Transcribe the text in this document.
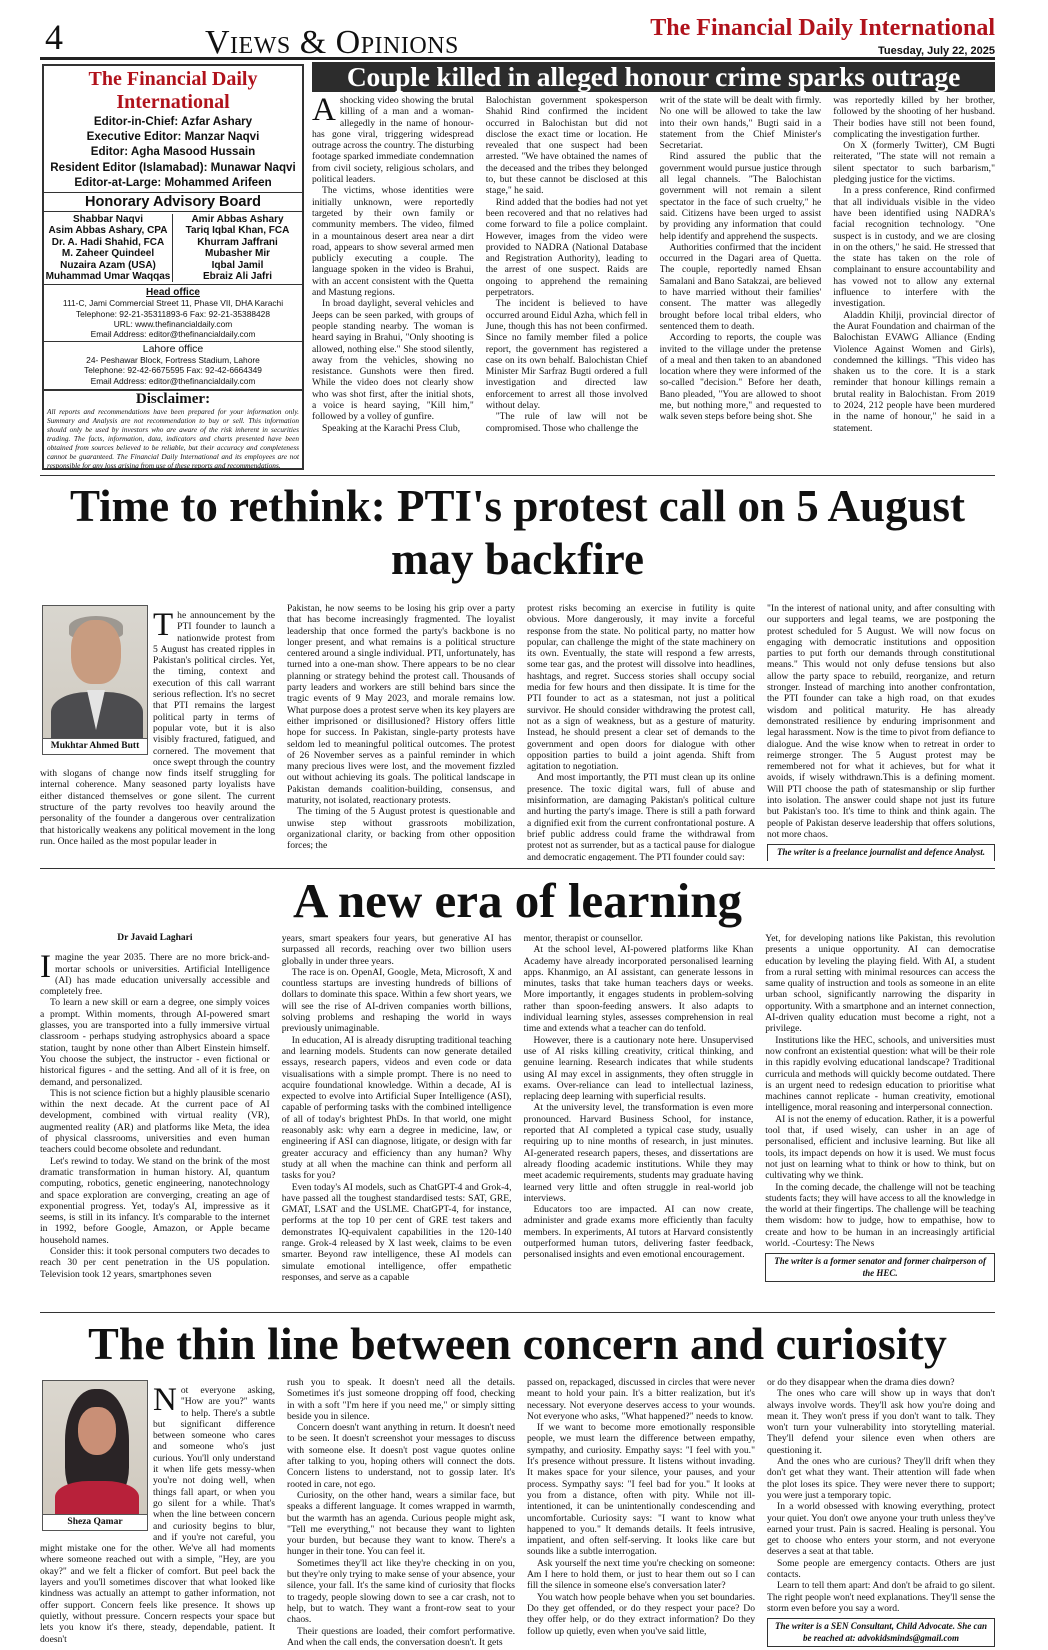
4	Views & Opinions	The Financial Daily International
Tuesday, July 22, 2025
The Financial Daily International
Editor-in-Chief: Azfar Ashary
Executive Editor: Manzar Naqvi
Editor: Agha Masood Hussain
Resident Editor (Islamabad): Munawar Naqvi
Editor-at-Large: Mohammed Arifeen
Honorary Advisory Board
Shabbar Naqvi
Asim Abbas Ashary, CPA
Dr. A. Hadi Shahid, FCA
M. Zaheer Quindeel
Nuzaira Azam (USA)
Muhammad Umar Waqqas
Amir Abbas Ashary
Tariq Iqbal Khan, FCA
Khurram Jaffrani
Mubasher Mir
Iqbal Jamil
Ebraiz Ali Jafri
Head office
111-C, Jami Commercial Street 11, Phase VII, DHA Karachi
Telephone: 92-21-35311893-6 Fax: 92-21-35388428
URL: www.thefinancialdaily.com
Email Address: editor@thefinancialdaily.com
Lahore office
24- Peshawar Block, Fortress Stadium, Lahore
Telephone: 92-42-6675595 Fax: 92-42-6664349
Email Address: editor@thefinancialdaily.com
Disclaimer:
All reports and recommendations have been prepared for your information only. Summary and Analysis are not recommendation to buy or sell. This information should only be used by investors who are aware of the risk inherent in securities trading. The facts, information, data, indicators and charts presented have been obtained from sources believed to be reliable, but their accuracy and completeness cannot be guaranteed. The Financial Daily International and its employees are not responsible for any loss arising from use of these reports and recommendations.
Couple killed in alleged honour crime sparks outrage

Ashocking video showing the brutal killing of a man and a woman-allegedly in the name of honour-has gone viral, triggering widespread outrage across the country. The disturbing footage sparked immediate condemnation from civil society, religious scholars, and political leaders.

The victims, whose identities were initially unknown, were reportedly targeted by their own family or community members. The video, filmed in a mountainous desert area near a dirt road, appears to show several armed men publicly executing a couple. The language spoken in the video is Brahui, with an accent consistent with the Quetta and Mastung regions.

In broad daylight, several vehicles and Jeeps can be seen parked, with groups of people standing nearby. The woman is heard saying in Brahui, "Only shooting is allowed, nothing else." She stood silently, away from the vehicles, showing no resistance. Gunshots were then fired. While the video does not clearly show who was shot first, after the initial shots, a voice is heard saying, "Kill him," followed by a volley of gunfire.

Speaking at the Karachi Press Club,

Balochistan government spokesperson Shahid Rind confirmed the incident occurred in Balochistan but did not disclose the exact time or location. He revealed that one suspect had been arrested. "We have obtained the names of the deceased and the tribes they belonged to, but these cannot be disclosed at this stage," he said.

Rind added that the bodies had not yet been recovered and that no relatives had come forward to file a police complaint. However, images from the video were provided to NADRA (National Database and Registration Authority), leading to the arrest of one suspect. Raids are ongoing to apprehend the remaining perpetrators.

The incident is believed to have occurred around Eidul Azha, which fell in June, though this has not been confirmed. Since no family member filed a police report, the government has registered a case on its own behalf. Balochistan Chief Minister Mir Sarfraz Bugti ordered a full investigation and directed law enforcement to arrest all those involved without delay.

"The rule of law will not be compromised. Those who challenge the

writ of the state will be dealt with firmly. No one will be allowed to take the law into their own hands," Bugti said in a statement from the Chief Minister's Secretariat.

Rind assured the public that the government would pursue justice through all legal channels. "The Balochistan government will not remain a silent spectator in the face of such cruelty," he said. Citizens have been urged to assist by providing any information that could help identify and apprehend the suspects.

Authorities confirmed that the incident occurred in the Dagari area of Quetta. The couple, reportedly named Ehsan Samalani and Bano Satakzai, are believed to have married without their families' consent. The matter was allegedly brought before local tribal elders, who sentenced them to death.

According to reports, the couple was invited to the village under the pretense of a meal and then taken to an abandoned location where they were informed of the so-called "decision." Before her death, Bano pleaded, "You are allowed to shoot me, but nothing more," and requested to walk seven steps before being shot. She

was reportedly killed by her brother, followed by the shooting of her husband. Their bodies have still not been found, complicating the investigation further.

On X (formerly Twitter), CM Bugti reiterated, "The state will not remain a silent spectator to such barbarism," pledging justice for the victims.

In a press conference, Rind confirmed that all individuals visible in the video have been identified using NADRA's facial recognition technology. "One suspect is in custody, and we are closing in on the others," he said. He stressed that the state has taken on the role of complainant to ensure accountability and has vowed not to allow any external influence to interfere with the investigation.

Aladdin Khilji, provincial director of the Aurat Foundation and chairman of the Balochistan EVAWG Alliance (Ending Violence Against Women and Girls), condemned the killings. "This video has shaken us to the core. It is a stark reminder that honour killings remain a brutal reality in Balochistan. From 2019 to 2024, 212 people have been murdered in the name of honour," he said in a statement.

Time to rethink: PTI's protest call on 5 August may backfire
The announcement by the PTI founder to launch a nationwide protest from 5 August has created ripples in Pakistan's political circles. Yet, the timing, context and execution of this call warrant serious reflection. It's no secret that PTI remains the largest political party in terms of popular vote, but it is also visibly fractured, fatigued, and cornered. The movement that once swept through the country with slogans of change now finds itself struggling for internal coherence. Many seasoned party loyalists have either distanced themselves or gone silent. The current structure of the party revolves too heavily around the personality of the founder a dangerous over centralization that historically weakens any political movement in the long run. Once hailed as the most popular leader in
Mukhtar Ahmed Butt

Pakistan, he now seems to be losing his grip over a party that has become increasingly fragmented. The loyalist leadership that once formed the party's backbone is no longer present, and what remains is a political structure centered around a single individual. PTI, unfortunately, has turned into a one-man show. There appears to be no clear planning or strategy behind the protest call. Thousands of party leaders and workers are still behind bars since the tragic events of 9 May 2023, and morale remains low. What purpose does a protest serve when its key players are either imprisoned or disillusioned? History offers little hope for success. In Pakistan, single-party protests have seldom led to meaningful political outcomes. The protest of 26 November serves as a painful reminder in which many precious lives were lost, and the movement fizzled out without achieving its goals. The political landscape in Pakistan demands coalition-building, consensus, and maturity, not isolated, reactionary protests.

The timing of the 5 August protest is questionable and unwise step without grassroots mobilization, organizational clarity, or backing from other opposition forces; the

protest risks becoming an exercise in futility is quite obvious. More dangerously, it may invite a forceful response from the state. No political party, no matter how popular, can challenge the might of the state machinery on its own. Eventually, the state will respond a few arrests, some tear gas, and the protest will dissolve into headlines, hashtags, and regret. Success stories shall occupy social media for few hours and then dissipate. It is time for the PTI founder to act as a statesman, not just a political survivor. He should consider withdrawing the protest call, not as a sign of weakness, but as a gesture of maturity. Instead, he should present a clear set of demands to the government and open doors for dialogue with other opposition parties to build a joint agenda. Shift from agitation to negotiation.

And most importantly, the PTI must clean up its online presence. The toxic digital wars, full of abuse and misinformation, are damaging Pakistan's political culture and hurting the party's image. There is still a path forward a dignified exit from the current confrontational posture. A brief public address could frame the withdrawal from protest not as surrender, but as a tactical pause for dialogue and democratic engagement. The PTI founder could say:

"In the interest of national unity, and after consulting with our supporters and legal teams, we are postponing the protest scheduled for 5 August. We will now focus on engaging with democratic institutions and opposition parties to put forth our demands through constitutional means." This would not only defuse tensions but also allow the party space to rebuild, reorganize, and return stronger. Instead of marching into another confrontation, the PTI founder can take a high road, on that exudes wisdom and political maturity. He has already demonstrated resilience by enduring imprisonment and legal harassment. Now is the time to pivot from defiance to dialogue. And the wise know when to retreat in order to reimerge stronger. The 5 August protest may be remembered not for what it achieves, but for what it avoids, if wisely withdrawn.This is a defining moment. Will PTI choose the path of statesmanship or slip further into isolation. The answer could shape not just its future but Pakistan's too. It's time to think and think again. The people of Pakistan deserve leadership that offers solutions, not more chaos.

The writer is a freelance journalist and defence Analyst.
A new era of learning
Dr Javaid Laghari

Imagine the year 2035. There are no more brick-and-mortar schools or universities. Artificial Intelligence (AI) has made education universally accessible and completely free.

To learn a new skill or earn a degree, one simply voices a prompt. Within moments, through AI-powered smart glasses, you are transported into a fully immersive virtual classroom - perhaps studying astrophysics aboard a space station, taught by none other than Albert Einstein himself. You choose the subject, the instructor - even fictional or historical figures - and the setting. And all of it is free, on demand, and personalized.

This is not science fiction but a highly plausible scenario within the next decade. At the current pace of AI development, combined with virtual reality (VR), augmented reality (AR) and platforms like Meta, the idea of physical classrooms, universities and even human teachers could become obsolete and redundant.

Let's rewind to today. We stand on the brink of the most dramatic transformation in human history. AI, quantum computing, robotics, genetic engineering, nanotechnology and space exploration are converging, creating an age of exponential progress. Yet, today's AI, impressive as it seems, is still in its infancy. It's comparable to the internet in 1992, before Google, Amazon, or Apple became household names.

Consider this: it took personal computers two decades to reach 30 per cent penetration in the US population. Television took 12 years, smartphones seven

years, smart speakers four years, but generative AI has surpassed all records, reaching over two billion users globally in under three years.

The race is on. OpenAI, Google, Meta, Microsoft, X and countless startups are investing hundreds of billions of dollars to dominate this space. Within a few short years, we will see the rise of AI-driven companies worth billions, solving problems and reshaping the world in ways previously unimaginable.

In education, AI is already disrupting traditional teaching and learning models. Students can now generate detailed essays, research papers, videos and even code or data visualisations with a simple prompt. There is no need to acquire foundational knowledge. Within a decade, AI is expected to evolve into Artificial Super Intelligence (ASI), capable of performing tasks with the combined intelligence of all of today's brightest PhDs. In that world, one might reasonably ask: why earn a degree in medicine, law, or engineering if ASI can diagnose, litigate, or design with far greater accuracy and efficiency than any human? Why study at all when the machine can think and perform all tasks for you?

Even today's AI models, such as ChatGPT-4 and Grok-4, have passed all the toughest standardised tests: SAT, GRE, GMAT, LSAT and the USLME. ChatGPT-4, for instance, performs at the top 10 per cent of GRE test takers and demonstrates IQ-equivalent capabilities in the 120-140 range. Grok-4 released by X last week, claims to be even smarter. Beyond raw intelligence, these AI models can simulate emotional intelligence, offer empathetic responses, and serve as a capable

mentor, therapist or counsellor.

At the school level, AI-powered platforms like Khan Academy have already incorporated personalised learning apps. Khanmigo, an AI assistant, can generate lessons in minutes, tasks that take human teachers days or weeks. More importantly, it engages students in problem-solving rather than spoon-feeding answers. It also adapts to individual learning styles, assesses comprehension in real time and extends what a teacher can do tenfold.

However, there is a cautionary note here. Unsupervised use of AI risks killing creativity, critical thinking, and genuine learning. Research indicates that while students using AI may excel in assignments, they often struggle in exams. Over-reliance can lead to intellectual laziness, replacing deep learning with superficial results.

At the university level, the transformation is even more pronounced. Harvard Business School, for instance, reported that AI completed a typical case study, usually requiring up to nine months of research, in just minutes. AI-generated research papers, theses, and dissertations are already flooding academic institutions. While they may meet academic requirements, students may graduate having learned very little and often struggle in real-world job interviews.

Educators too are impacted. AI can now create, administer and grade exams more efficiently than faculty members. In experiments, AI tutors at Harvard consistently outperformed human tutors, delivering faster feedback, personalised insights and even emotional encouragement.

Yet, for developing nations like Pakistan, this revolution presents a unique opportunity. AI can democratise education by leveling the playing field. With AI, a student from a rural setting with minimal resources can access the same quality of instruction and tools as someone in an elite urban school, significantly narrowing the disparity in opportunity. With a smartphone and an internet connection, AI-driven quality education must become a right, not a privilege.

Institutions like the HEC, schools, and universities must now confront an existential question: what will be their role in this rapidly evolving educational landscape? Traditional curricula and methods will quickly become outdated. There is an urgent need to redesign education to prioritise what machines cannot replicate - human creativity, emotional intelligence, moral reasoning and interpersonal connection.

AI is not the enemy of education. Rather, it is a powerful tool that, if used wisely, can usher in an age of personalised, efficient and inclusive learning. But like all tools, its impact depends on how it is used. We must focus not just on learning what to think or how to think, but on cultivating why we think.

In the coming decade, the challenge will not be teaching students facts; they will have access to all the knowledge in the world at their fingertips. The challenge will be teaching them wisdom: how to judge, how to empathise, how to create and how to be human in an increasingly artificial world. -Courtesy: The News

The writer is a former senator and former chairperson of the HEC.
The thin line between concern and curiosity
Not everyone asking, "How are you?" wants to help. There's a subtle but significant difference between someone who cares and someone who's just curious. You'll only understand it when life gets messy-when you're not doing well, when things fall apart, or when you go silent for a while. That's when the line between concern and curiosity begins to blur, and if you're not careful, you might mistake one for the other. We've all had moments where someone reached out with a simple, "Hey, are you okay?" and we felt a flicker of comfort. But peel back the layers and you'll sometimes discover that what looked like kindness was actually an attempt to gather information, not offer support. Concern feels like presence. It shows up quietly, without pressure. Concern respects your space but lets you know it's there, steady, dependable, patient. It doesn't
Sheza Qamar

rush you to speak. It doesn't need all the details. Sometimes it's just someone dropping off food, checking in with a soft "I'm here if you need me," or simply sitting beside you in silence.

Concern doesn't want anything in return. It doesn't need to be seen. It doesn't screenshot your messages to discuss with someone else. It doesn't post vague quotes online after talking to you, hoping others will connect the dots. Concern listens to understand, not to gossip later. It's rooted in care, not ego.

Curiosity, on the other hand, wears a similar face, but speaks a different language. It comes wrapped in warmth, but the warmth has an agenda. Curious people might ask, "Tell me everything," not because they want to lighten your burden, but because they want to know. There's a hunger in their tone. You can feel it.

Sometimes they'll act like they're checking in on you, but they're only trying to make sense of your absence, your silence, your fall. It's the same kind of curiosity that flocks to tragedy, people slowing down to see a car crash, not to help, but to watch. They want a front-row seat to your chaos.

Their questions are loaded, their comfort performative. And when the call ends, the conversation doesn't. It gets

passed on, repackaged, discussed in circles that were never meant to hold your pain. It's a bitter realization, but it's necessary. Not everyone deserves access to your wounds. Not everyone who asks, "What happened?" needs to know.

If we want to become more emotionally responsible people, we must learn the difference between empathy, sympathy, and curiosity. Empathy says: "I feel with you." It's presence without pressure. It listens without invading. It makes space for your silence, your pauses, and your process. Sympathy says: "I feel bad for you." It looks at you from a distance, often with pity. While not ill-intentioned, it can be unintentionally condescending and uncomfortable. Curiosity says: "I want to know what happened to you." It demands details. It feels intrusive, impatient, and often self-serving. It looks like care but sounds like a subtle interrogation.

Ask yourself the next time you're checking on someone: Am I here to hold them, or just to hear them out so I can fill the silence in someone else's conversation later?

You watch how people behave when you set boundaries. Do they get offended, or do they respect your pace? Do they offer help, or do they extract information? Do they follow up quietly, even when you've said little,

or do they disappear when the drama dies down?

The ones who care will show up in ways that don't always involve words. They'll ask how you're doing and mean it. They won't press if you don't want to talk. They won't turn your vulnerability into storytelling material. They'll defend your silence even when others are questioning it.

And the ones who are curious? They'll drift when they don't get what they want. Their attention will fade when the plot loses its spice. They were never there to support; you were just a temporary topic.

In a world obsessed with knowing everything, protect your quiet. You don't owe anyone your truth unless they've earned your trust. Pain is sacred. Healing is personal. You get to choose who enters your storm, and not everyone deserves a seat at that table.

Some people are emergency contacts. Others are just contacts.

Learn to tell them apart: And don't be afraid to go silent. The right people won't need explanations. They'll sense the storm even before you say a word.

The writer is a SEN Consultant, Child Advocate. She can be reached at: advokidsminds@gmail.com
